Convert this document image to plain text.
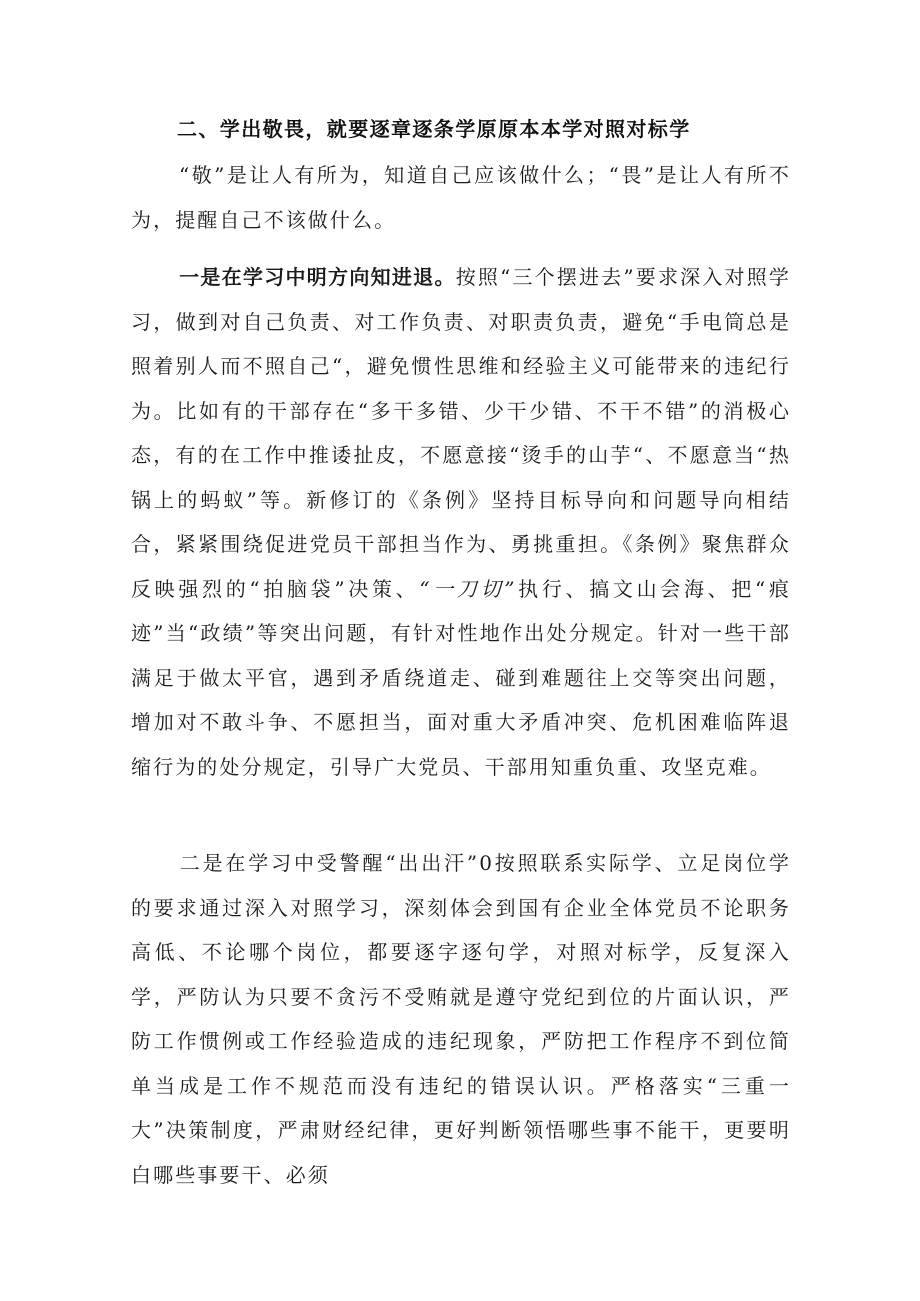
二、学出敬畏，就要逐章逐条学原原本本学对照对标学
“敬”是让人有所为，知道自己应该做什么；“畏”是让人有所不为，提醒自己不该做什么。
一是在学习中明方向知进退。按照“三个摆进去”要求深入对照学习，做到对自己负责、对工作负责、对职责负责，避免“手电筒总是照着别人而不照自己“，避免惯性思维和经验主义可能带来的违纪行为。比如有的干部存在“多干多错、少干少错、不干不错”的消极心态，有的在工作中推诿扯皮，不愿意接“烫手的山芋“、不愿意当“热锅上的蚂蚁”等。新修订的《条例》坚持目标导向和问题导向相结合，紧紧围绕促进党员干部担当作为、勇挑重担。《条例》聚焦群众反映强烈的“拍脑袋”决策、“一刀切”执行、搞文山会海、把“痕迹”当“政绩”等突出问题，有针对性地作出处分规定。针对一些干部满足于做太平官，遇到矛盾绕道走、碰到难题往上交等突出问题，增加对不敢斗争、不愿担当，面对重大矛盾冲突、危机困难临阵退缩行为的处分规定，引导广大党员、干部用知重负重、攻坚克难。
二是在学习中受警醒“出出汗”0按照联系实际学、立足岗位学的要求通过深入对照学习，深刻体会到国有企业全体党员不论职务高低、不论哪个岗位，都要逐字逐句学，对照对标学，反复深入学，严防认为只要不贪污不受贿就是遵守党纪到位的片面认识，严防工作惯例或工作经验造成的违纪现象，严防把工作程序不到位简单当成是工作不规范而没有违纪的错误认识。严格落实“三重一大”决策制度，严肃财经纪律，更好判断领悟哪些事不能干，更要明白哪些事要干、必须
